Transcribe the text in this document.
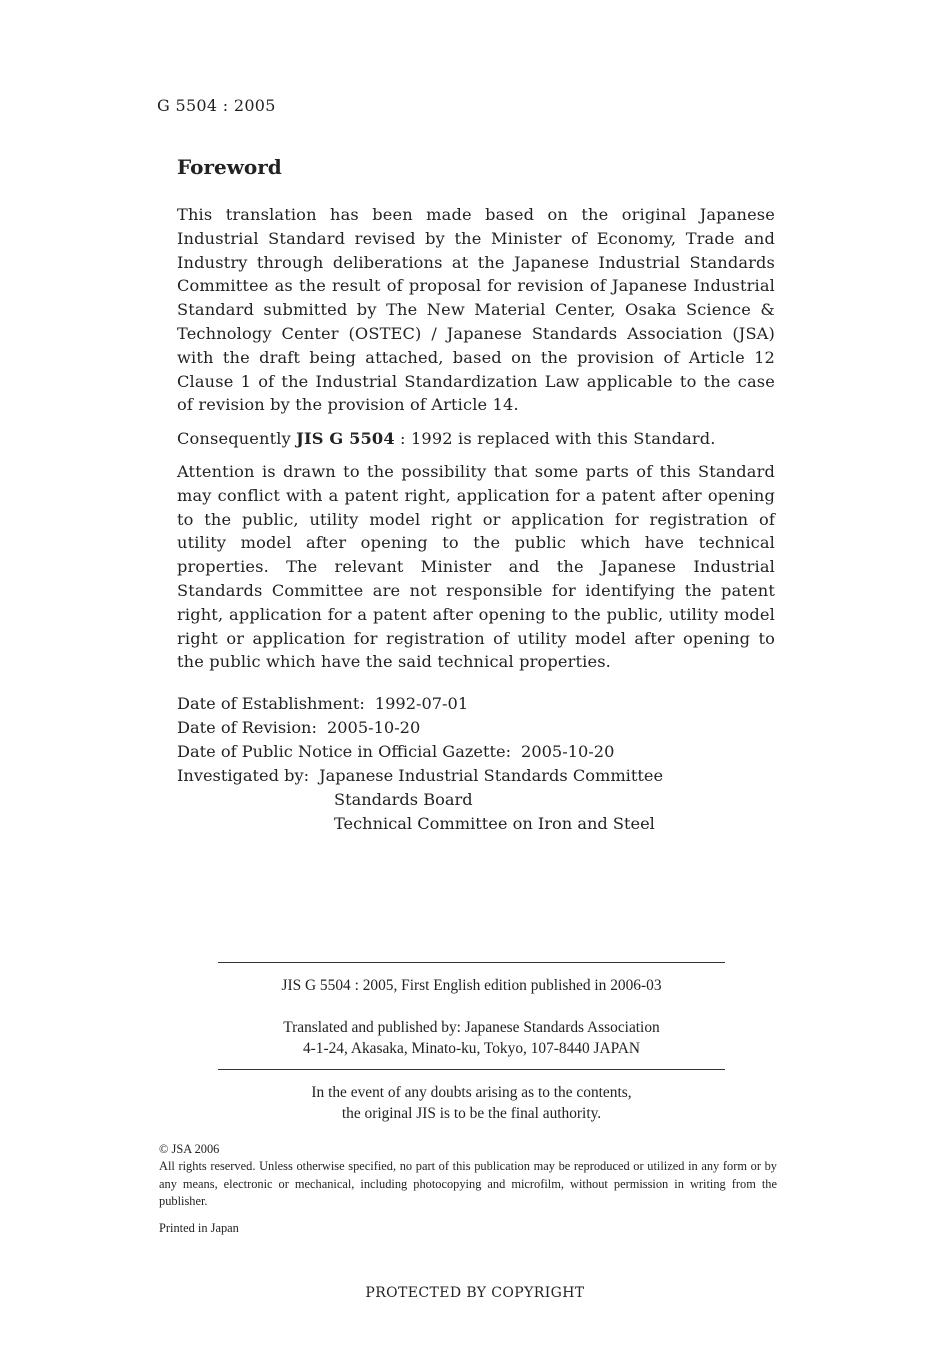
G 5504 : 2005
Foreword

This translation has been made based on the original Japanese Industrial Standard revised by the Minister of Economy, Trade and Industry through deliberations at the Japanese Industrial Standards Committee as the result of proposal for revision of Japanese Industrial Standard submitted by The New Material Center, Osaka Science & Technology Center (OSTEC) / Japanese Standards Association (JSA) with the draft being attached, based on the provision of Article 12 Clause 1 of the Industrial Standardization Law applicable to the case of revision by the provision of Article 14.

Consequently JIS G 5504 : 1992 is replaced with this Standard.

Attention is drawn to the possibility that some parts of this Standard may conflict with a patent right, application for a patent after opening to the public, utility model right or application for registration of utility model after opening to the public which have technical properties. The relevant Minister and the Japanese Industrial Standards Committee are not responsible for identifying the patent right, application for a patent after opening to the public, utility model right or application for registration of utility model after opening to the public which have the said technical properties.

Date of Establishment: 1992-07-01
Date of Revision: 2005-10-20
Date of Public Notice in Official Gazette: 2005-10-20
Investigated by: Japanese Industrial Standards Committee
Standards Board
Technical Committee on Iron and Steel
JIS G 5504 : 2005, First English edition published in 2006-03
Translated and published by: Japanese Standards Association
4-1-24, Akasaka, Minato-ku, Tokyo, 107-8440 JAPAN
In the event of any doubts arising as to the contents,
the original JIS is to be the final authority.
© JSA 2006
All rights reserved. Unless otherwise specified, no part of this publication may be reproduced or utilized in any form or by any means, electronic or mechanical, including photocopying and microfilm, without permission in writing from the publisher.
Printed in Japan
PROTECTED BY COPYRIGHT
